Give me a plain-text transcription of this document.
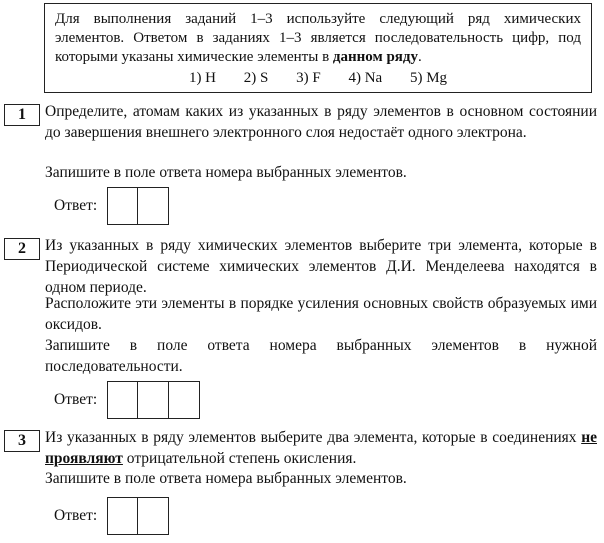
Для выполнения заданий 1–3 используйте следующий ряд химических элементов. Ответом в заданиях 1–3 является последовательность цифр, под которыми указаны химические элементы в данном ряду.
1) H 2) S 3) F 4) Na 5) Mg
1	Определите, атомам каких из указанных в ряду элементов в основном состоянии до завершения внешнего электронного слоя недостаёт одного электрона.

Запишите в поле ответа номера выбранных элементов.

Ответ:
2	Из указанных в ряду химических элементов выберите три элемента, которые в Периодической системе химических элементов Д.И. Менделеева находятся в одном периоде.

Расположите эти элементы в порядке усиления основных свойств образуемых ими оксидов.

Запишите в поле ответа номера выбранных элементов в нужной последовательности.

Ответ:
3	Из указанных в ряду элементов выберите два элемента, которые в соединениях не проявляют отрицательной степень окисления.

Запишите в поле ответа номера выбранных элементов.

Ответ:
